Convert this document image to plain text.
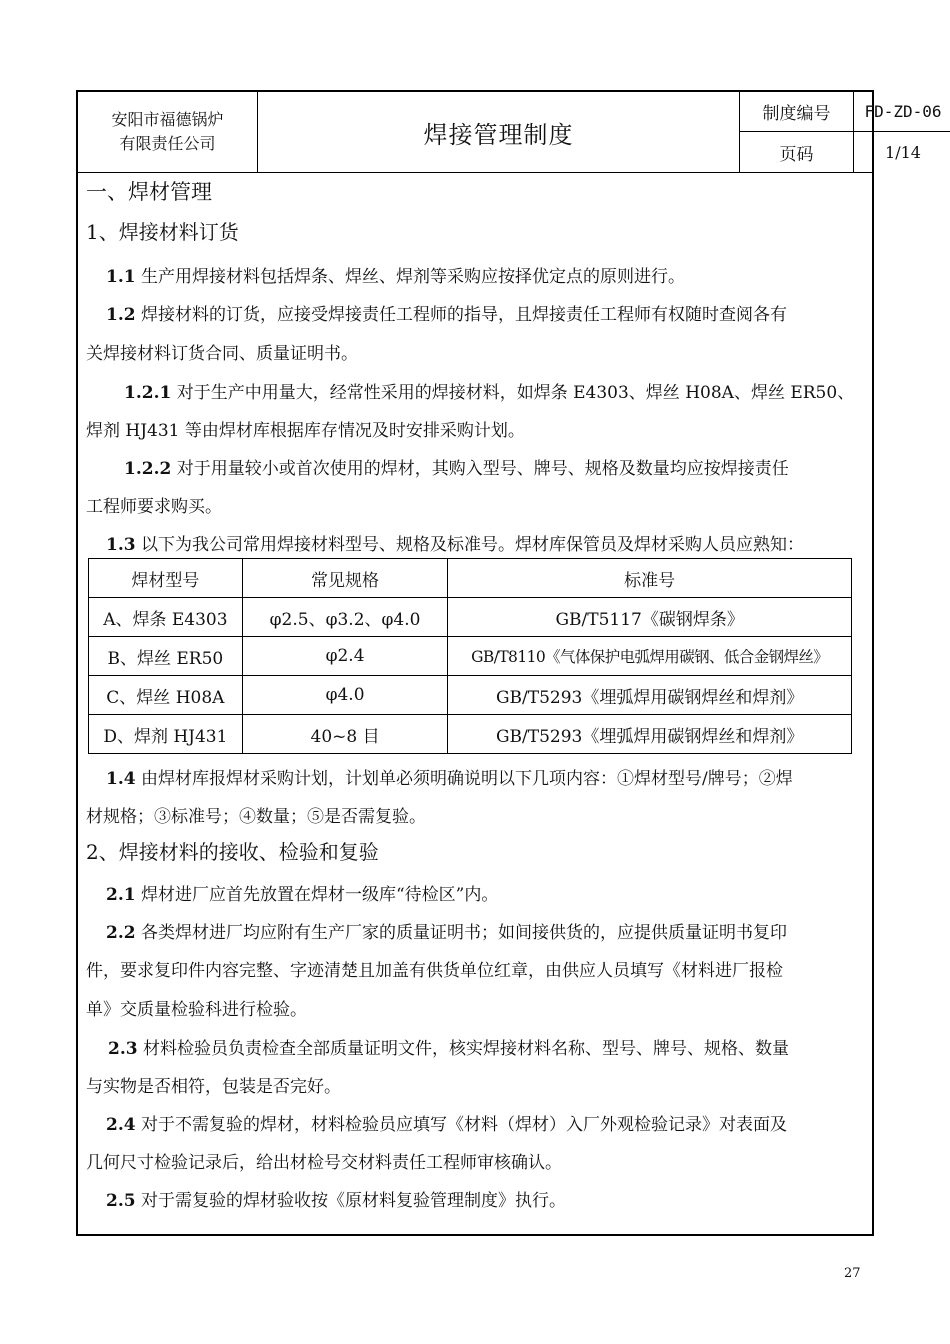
安阳市福德锅炉
有限责任公司	焊接管理制度
制度编号	FD-ZD-06
页码	1/14
一、焊材管理
1、焊接材料订货
1.1 生产用焊接材料包括焊条、焊丝、焊剂等采购应按择优定点的原则进行。
1.2 焊接材料的订货，应接受焊接责任工程师的指导，且焊接责任工程师有权随时查阅各有
关焊接材料订货合同、质量证明书。
1.2.1 对于生产中用量大，经常性采用的焊接材料，如焊条 E4303、焊丝 H08A、焊丝 ER50、
焊剂 HJ431 等由焊材库根据库存情况及时安排采购计划。
1.2.2 对于用量较小或首次使用的焊材，其购入型号、牌号、规格及数量均应按焊接责任
工程师要求购买。
1.3 以下为我公司常用焊接材料型号、规格及标准号。焊材库保管员及焊材采购人员应熟知：
焊材型号	常见规格	标准号
A、焊条 E4303	φ2.5、φ3.2、φ4.0	GB/T5117《碳钢焊条》
B、焊丝 ER50	φ2.4	GB/T8110《气体保护电弧焊用碳钢、低合金钢焊丝》
C、焊丝 H08A	φ4.0	GB/T5293《埋弧焊用碳钢焊丝和焊剂》
D、焊剂 HJ431	40~8 目	GB/T5293《埋弧焊用碳钢焊丝和焊剂》
1.4 由焊材库报焊材采购计划，计划单必须明确说明以下几项内容：①焊材型号/牌号；②焊
材规格；③标准号；④数量；⑤是否需复验。
2、焊接材料的接收、检验和复验
2.1 焊材进厂应首先放置在焊材一级库“待检区”内。
2.2 各类焊材进厂均应附有生产厂家的质量证明书；如间接供货的，应提供质量证明书复印
件，要求复印件内容完整、字迹清楚且加盖有供货单位红章，由供应人员填写《材料进厂报检
单》交质量检验科进行检验。
2.3 材料检验员负责检查全部质量证明文件，核实焊接材料名称、型号、牌号、规格、数量
与实物是否相符，包装是否完好。
2.4 对于不需复验的焊材，材料检验员应填写《材料（焊材）入厂外观检验记录》对表面及
几何尺寸检验记录后，给出材检号交材料责任工程师审核确认。
2.5 对于需复验的焊材验收按《原材料复验管理制度》执行。
27
